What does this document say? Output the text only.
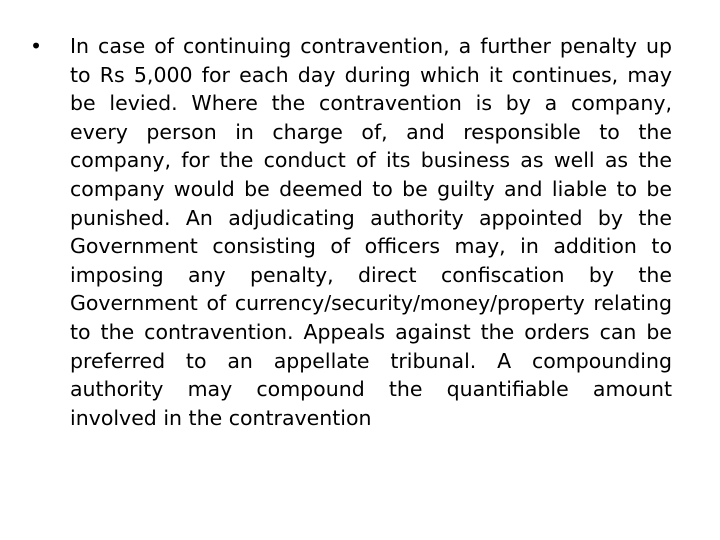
•	In case of continuing contravention, a further penalty up to Rs 5,000 for each day during which it continues, may be levied. Where the contravention is by a company, every person in charge of, and responsible to the company, for the conduct of its business as well as the company would be deemed to be guilty and liable to be punished. An adjudicating authority appointed by the Government consisting of officers may, in addition to imposing any penalty, direct confiscation by the Government of currency/security/money/property relating to the contravention. Appeals against the orders can be preferred to an appellate tribunal. A compounding authority may compound the quantifiable amount involved in the contravention
